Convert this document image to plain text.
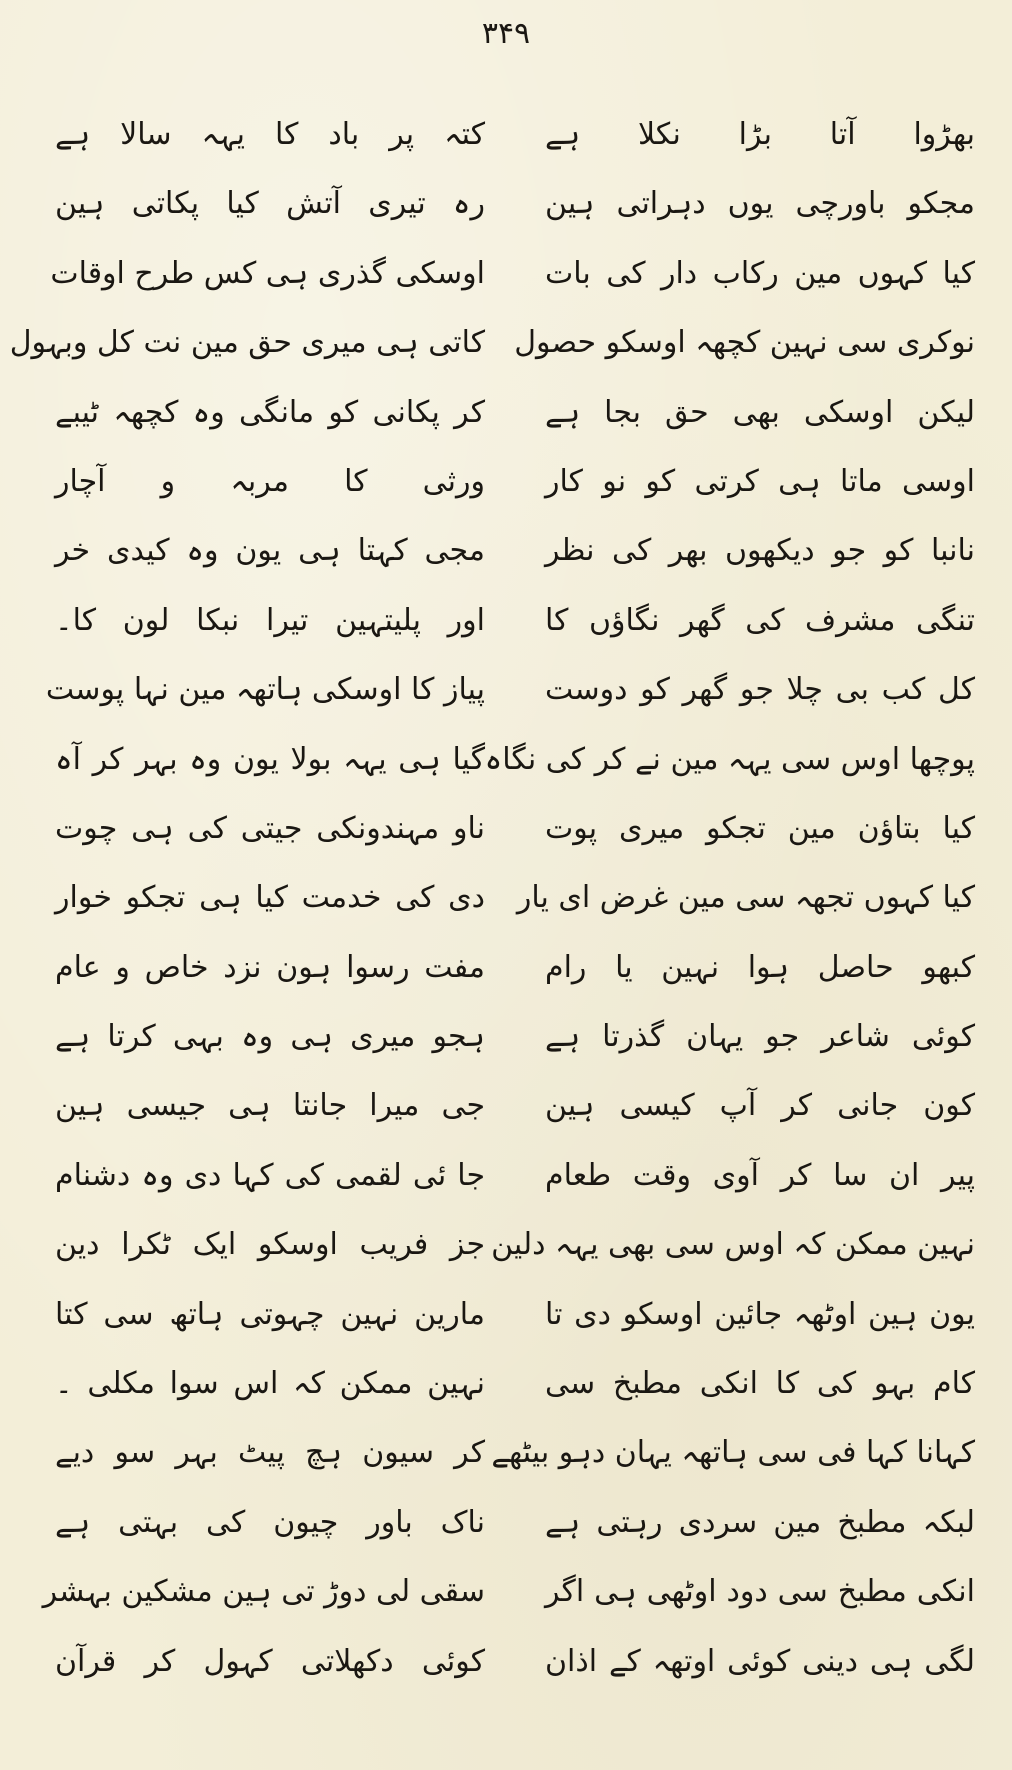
۳۴۹
بھڑوا آتا بڑا نکلا ہے
مجکو باورچی یوں دہراتی ہین
کیا کہوں مین رکاب دار کی بات
نوکری سی نہین کچھہ اوسکو حصول
لیکن اوسکی بھی حق بجا ہے
اوسی ماتا ہی کرتی کو نو کار
نانبا کو جو دیکھوں بھر کی نظر
تنگی مشرف کی گھر نگاؤں کا
کل کب بی چلا جو گھر کو دوست
پوچھا اوس سی یہہ مین نے کر کی نگاہ
کیا بتاؤن مین تجکو میری پوت
کیا کہوں تجھہ سی مین غرض ای یار
کبھو حاصل ہوا نہین یا رام
کوئی شاعر جو یہان گذرتا ہے
کون جانی کر آپ کیسی ہین
پیر ان سا کر آوی وقت طعام
نہین ممکن کہ اوس سی بھی یہہ دلین
یون ہین اوٹھہ جائین اوسکو دی تا
کام بہو کی کا انکی مطبخ سی
کہانا کہا فی سی ہاتھہ یہان دہو بیٹھے
لبکہ مطبخ مین سردی رہتی ہے
انکی مطبخ سی دود اوٹھی ہی اگر
لگی ہی دینی کوئی اوتھہ کے اذان
کتہ پر باد کا یہہ سالا ہے
رہ تیری آتش کیا پکاتی ہین
اوسکی گذری ہی کس طرح اوقات
کاتی ہی میری حق مین نت کل وبہول
کر پکانی کو مانگی وہ کچھہ ٹیبے
ورثی کا مربہ و آچار
مجی کہتا ہی یون وہ کیدی خر
اور پلیتہین تیرا نبکا لون کا۔
پیاز کا اوسکی ہاتھہ مین نہا پوست
گیا ہی یہہ بولا یون وہ بہر کر آہ
ناو مہندونکی جیتی کی ہی چوت
دی کی خدمت کیا ہی تجکو خوار
مفت رسوا ہون نزد خاص و عام
ہجو میری ہی وہ بہی کرتا ہے
جی میرا جانتا ہی جیسی ہین
جا ئی لقمی کی کہا دی وہ دشنام
جز فریب اوسکو ایک ٹکرا دین
مارین نہین چہوتی ہاتھ سی کتا
نہین ممکن کہ اس سوا مکلی ۔
کر سیون ہچ پیٹ بہر سو دیے
ناک باور چیون کی بہتی ہے
سقی لی دوڑ تی ہین مشکین بہشر
کوئی دکھلاتی کہول کر قرآن
